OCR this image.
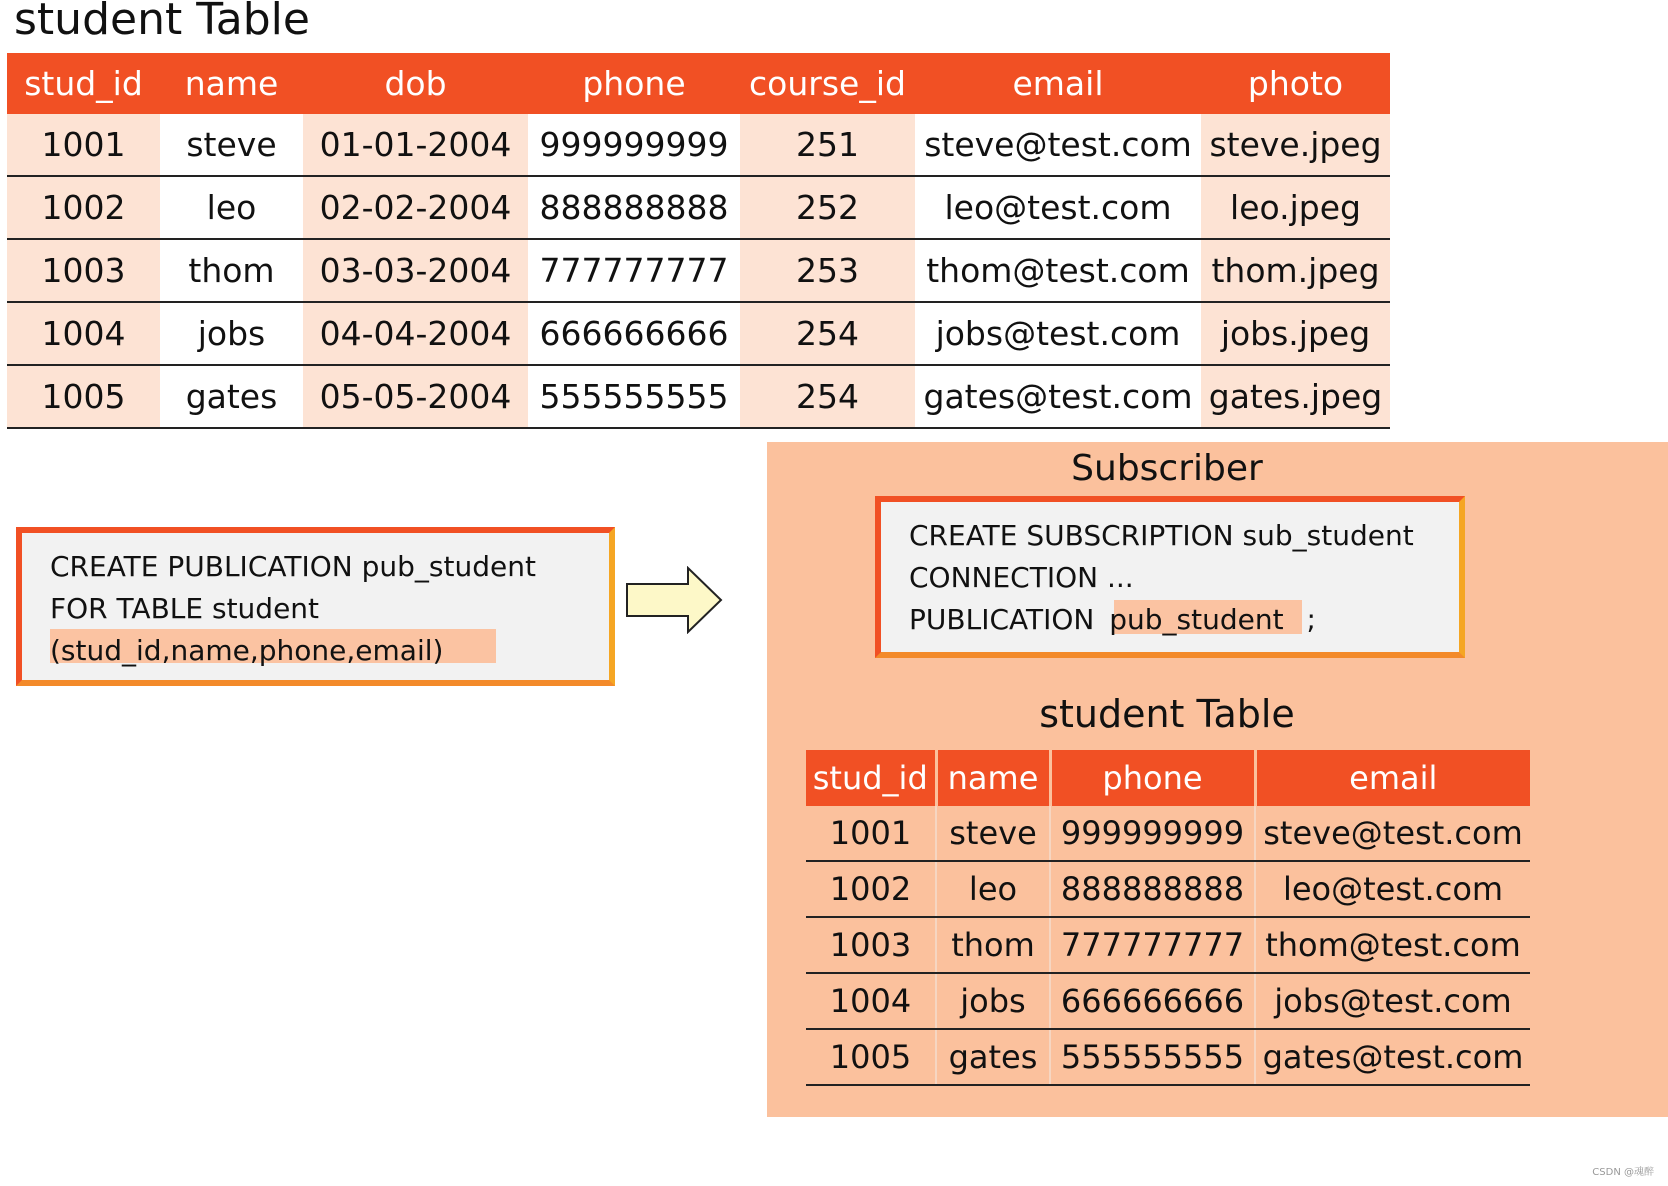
student Table
stud_id	name	dob	phone	course_id	email	photo
1001	steve	01-01-2004	999999999	251	steve@test.com	steve.jpeg
1002	leo	02-02-2004	888888888	252	leo@test.com	leo.jpeg
1003	thom	03-03-2004	777777777	253	thom@test.com	thom.jpeg
1004	jobs	04-04-2004	666666666	254	jobs@test.com	jobs.jpeg
1005	gates	05-05-2004	555555555	254	gates@test.com	gates.jpeg
CREATE PUBLICATION pub_student
FOR TABLE student
(stud_id,name,phone,email)
Subscriber
CREATE SUBSCRIPTION sub_student
CONNECTION ...
PUBLICATION pub_student ;
student Table
stud_id	name	phone	email
1001	steve	999999999	steve@test.com
1002	leo	888888888	leo@test.com
1003	thom	777777777	thom@test.com
1004	jobs	666666666	jobs@test.com
1005	gates	555555555	gates@test.com
CSDN @魂醉
